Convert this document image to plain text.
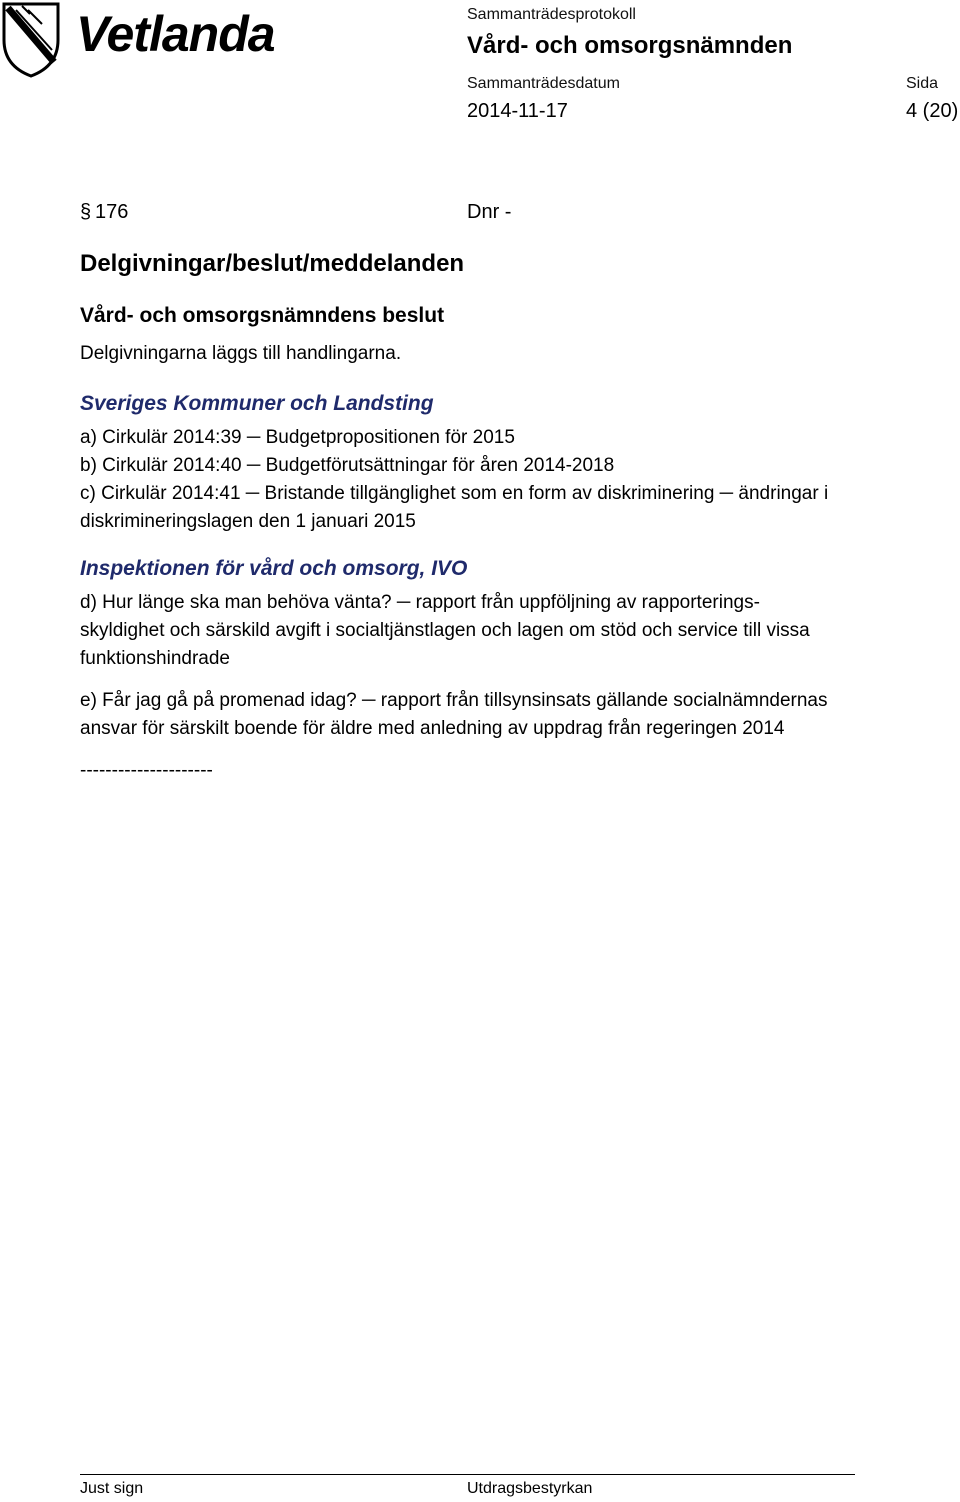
Vetlanda	Sammanträdesprotokoll
Vård- och omsorgsnämnden
Sammanträdesdatum	Sida
2014-11-17	4 (20)
§ 176	Dnr -
Delgivningar/beslut/meddelanden
Vård- och omsorgsnämndens beslut
Delgivningarna läggs till handlingarna.
Sveriges Kommuner och Landsting
a) Cirkulär 2014:39 ─ Budgetpropositionen för 2015
b) Cirkulär 2014:40 ─ Budgetförutsättningar för åren 2014-2018
c) Cirkulär 2014:41 ─ Bristande tillgänglighet som en form av diskriminering ─ ändringar i
diskrimineringslagen den 1 januari 2015
Inspektionen för vård och omsorg, IVO
d) Hur länge ska man behöva vänta? ─ rapport från uppföljning av rapporterings-
skyldighet och särskild avgift i socialtjänstlagen och lagen om stöd och service till vissa
funktionshindrade
e) Får jag gå på promenad idag? ─ rapport från tillsynsinsats gällande socialnämndernas
ansvar för särskilt boende för äldre med anledning av uppdrag från regeringen 2014
---------------------
Just sign	Utdragsbestyrkan
